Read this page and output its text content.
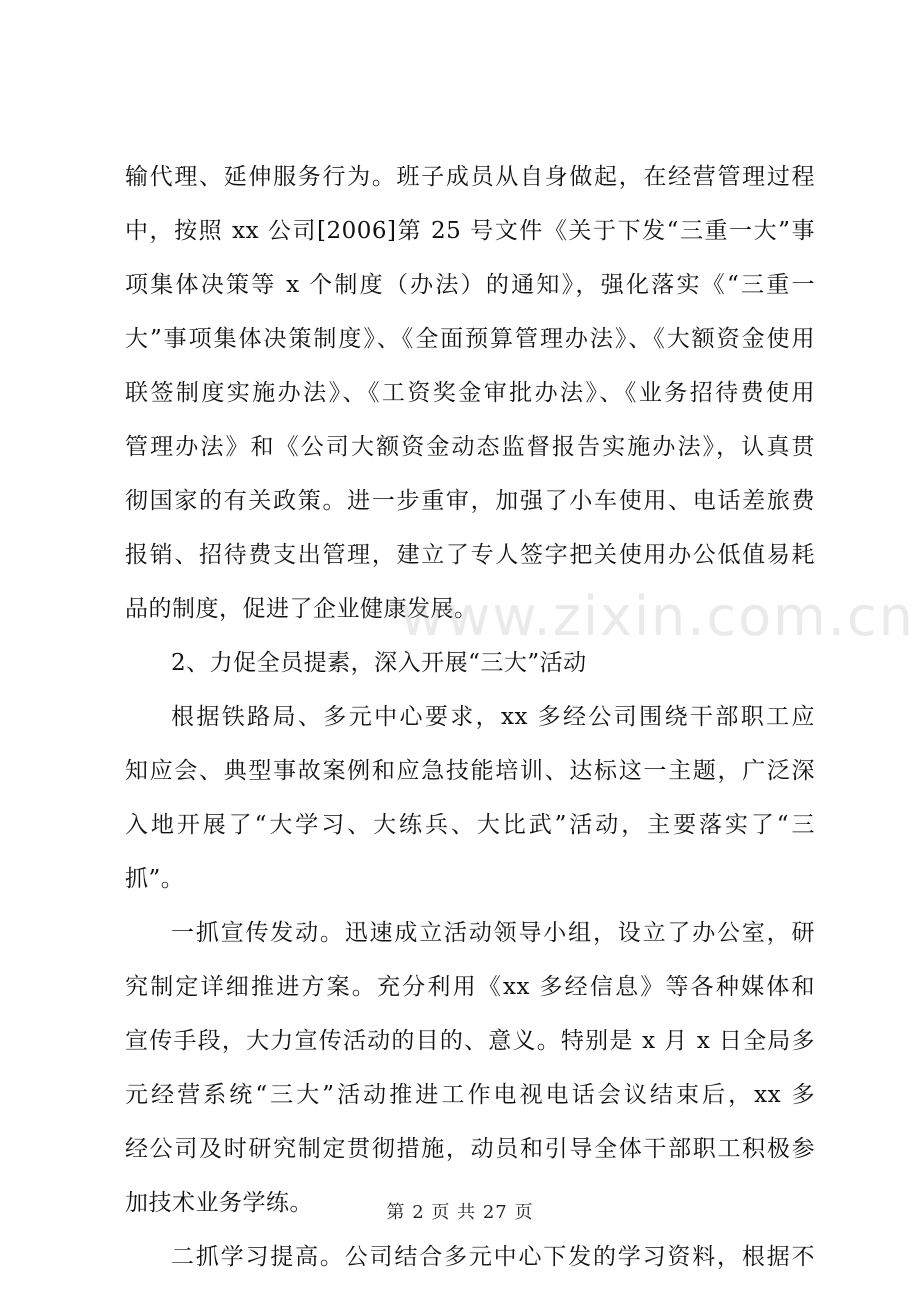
输代理、延伸服务行为。班子成员从自身做起，在经营管理过程
中，按照 xx 公司[2006]第 25 号文件《关于下发“三重一大”事
项集体决策等 x 个制度（办法）的通知》，强化落实《“三重一
大”事项集体决策制度》、《全面预算管理办法》、《大额资金使用
联签制度实施办法》、《工资奖金审批办法》、《业务招待费使用
管理办法》和《公司大额资金动态监督报告实施办法》，认真贯
彻国家的有关政策。进一步重审，加强了小车使用、电话差旅费
报销、招待费支出管理，建立了专人签字把关使用办公低值易耗
品的制度，促进了企业健康发展。
2、力促全员提素，深入开展“三大”活动
根据铁路局、多元中心要求，xx 多经公司围绕干部职工应
知应会、典型事故案例和应急技能培训、达标这一主题，广泛深
入地开展了“大学习、大练兵、大比武”活动，主要落实了“三
抓”。
一抓宣传发动。迅速成立活动领导小组，设立了办公室，研
究制定详细推进方案。充分利用《xx 多经信息》等各种媒体和
宣传手段，大力宣传活动的目的、意义。特别是 x 月 x 日全局多
元经营系统“三大”活动推进工作电视电话会议结束后，xx 多
经公司及时研究制定贯彻措施，动员和引导全体干部职工积极参
加技术业务学练。
二抓学习提高。公司结合多元中心下发的学习资料，根据不
www.zixin.com.cn
第 2 页 共 27 页
